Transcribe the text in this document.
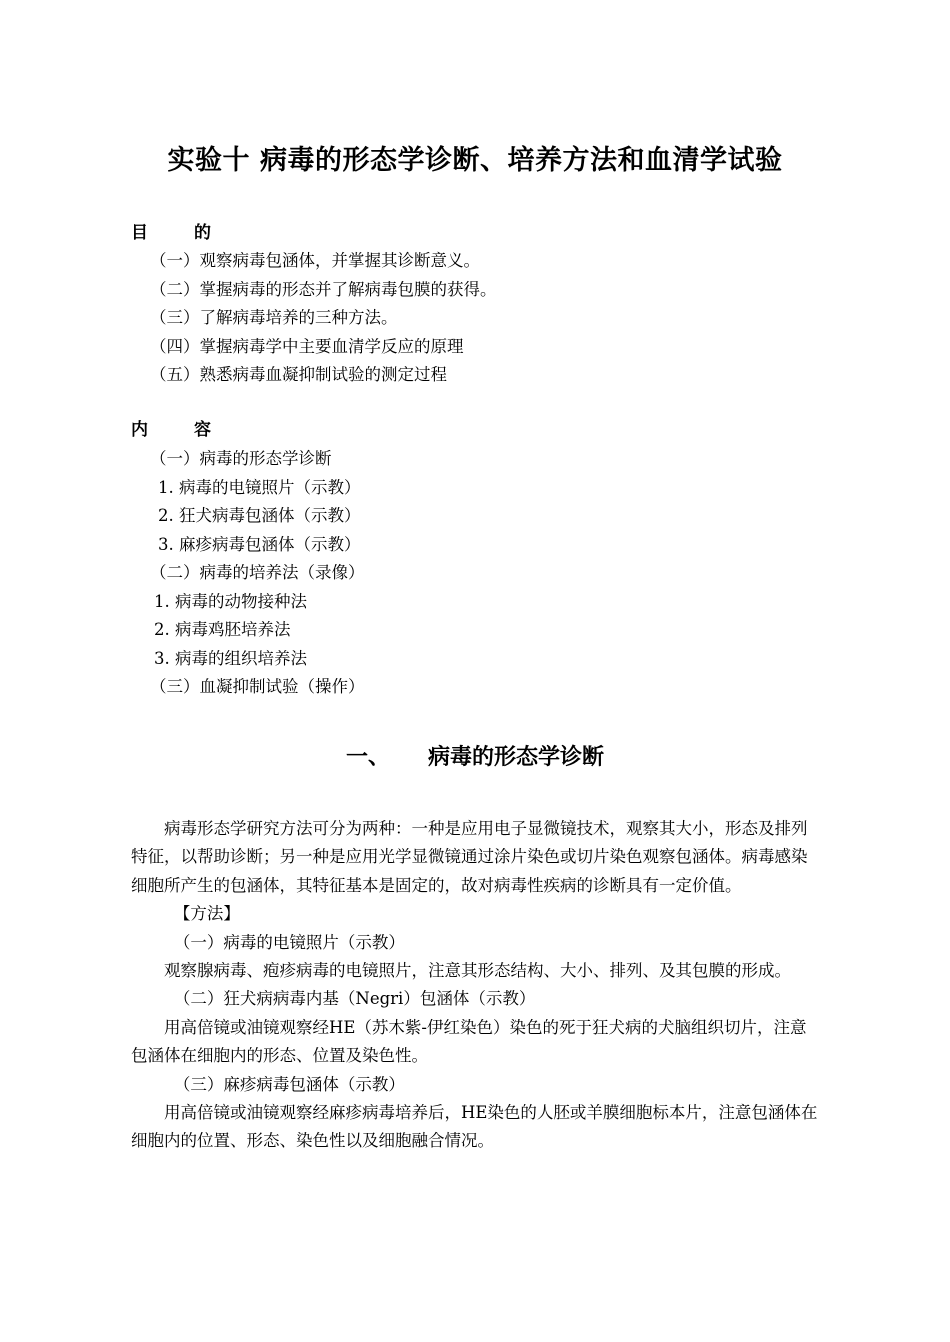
实验十 病毒的形态学诊断、培养方法和血清学试验
目的
（一）观察病毒包涵体，并掌握其诊断意义。
（二）掌握病毒的形态并了解病毒包膜的获得。
（三）了解病毒培养的三种方法。
（四）掌握病毒学中主要血清学反应的原理
（五）熟悉病毒血凝抑制试验的测定过程
内容
（一）病毒的形态学诊断
1. 病毒的电镜照片（示教）
2. 狂犬病毒包涵体（示教）
3. 麻疹病毒包涵体（示教）
（二）病毒的培养法（录像）
1. 病毒的动物接种法
2. 病毒鸡胚培养法
3. 病毒的组织培养法
（三）血凝抑制试验（操作）
一、 病毒的形态学诊断

病毒形态学研究方法可分为两种：一种是应用电子显微镜技术，观察其大小，形态及排列特征，以帮助诊断；另一种是应用光学显微镜通过涂片染色或切片染色观察包涵体。病毒感染细胞所产生的包涵体，其特征基本是固定的，故对病毒性疾病的诊断具有一定价值。

【方法】

（一）病毒的电镜照片（示教）

观察腺病毒、疱疹病毒的电镜照片，注意其形态结构、大小、排列、及其包膜的形成。

（二）狂犬病病毒内基（Negri）包涵体（示教）

用高倍镜或油镜观察经HE（苏木紫-伊红染色）染色的死于狂犬病的犬脑组织切片，注意包涵体在细胞内的形态、位置及染色性。

（三）麻疹病毒包涵体（示教）

用高倍镜或油镜观察经麻疹病毒培养后，HE染色的人胚或羊膜细胞标本片，注意包涵体在细胞内的位置、形态、染色性以及细胞融合情况。
